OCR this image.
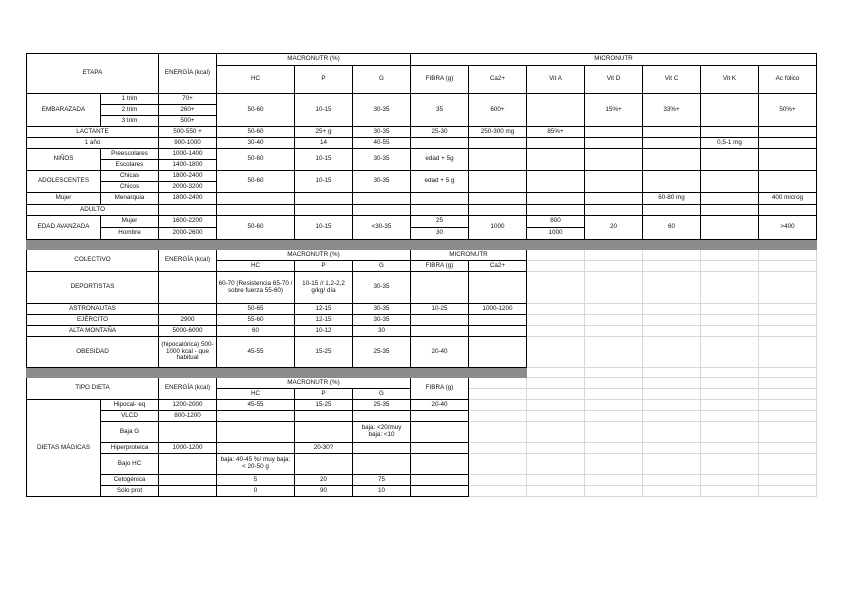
ETAPA		ENERGÍA (kcal)	MACRONUTR (%)			MICRONUTR						
			HC	P	G	FIBRA (g)	Ca2+	Vit A	Vit D	Vit C	Vit K	Ac fólico
EMBARAZADA	1 trim	70+	50-60	10-15	30-35	35	600+		15%+	33%+		50%+
	2 trim	260+										
	3 trim	500+										
LACTANTE		500-550 +	50-60	25+ g	30-35	25-30	250-300 mg	85%+				
1 año		900-1000	30-40	14	40-55						0,5-1 mg	
NIÑOS	Preescolares	1000-1400	50-60	10-15	30-35	edad + 5g						
	Escolares	1400-1800										
ADOLESCENTES	Chicas	1800-2400	50-60	10-15	30-35	edad + 5 g						
	Chicos	2000-3200										
Mujer	Menarquia	1800-2400								60-80 mg		400 microg
ADULTO												
EDAD AVANZADA	Mujer	1600-2200	50-60	10-15	<30-35	25	1000	800	20	60		>400
	Hombre	2000-2600				30		1000				

COLECTIVO		ENERGÍA (kcal)	MACRONUTR (%)			MICRONUTR						
			HC	P	G	FIBRA (g)	Ca2+					
DEPORTISTAS			60-70 (Resistencia 65-70 / sobre fuerza 55-60)	10-15 // 1,2-2,2 g/kg/ día	30-35							
ASTRONAUTAS			50-65	12-15	30-35	10-25	1000-1200					
EJÉRCITO		2900	55-60	12-15	30-35							
ALTA MONTAÑA		5000-6000	60	10-12	30							
OBESIDAD		(hipocalórica) 500-1000 kcal - que habitual	45-55	15-25	25-35	20-40						

TIPO DIETA		ENERGÍA (kcal)	MACRONUTR (%)			FIBRA (g)						
			HC	P	G							
DIETAS MÁGICAS	Hipocal- eq	1200-2000	45-55	15-25	25-35	20-40						
	VLCD	800-1200										
	Baja G				baja: <20/muy baja: <10							
	Hiperproteica	1000-1200		20-30?								
	Bajo HC		baja: 40-45 %/ muy baja: < 20-50 g									
	Cetogénica		5	20	75							
	Sólo prot		0	90	10							
